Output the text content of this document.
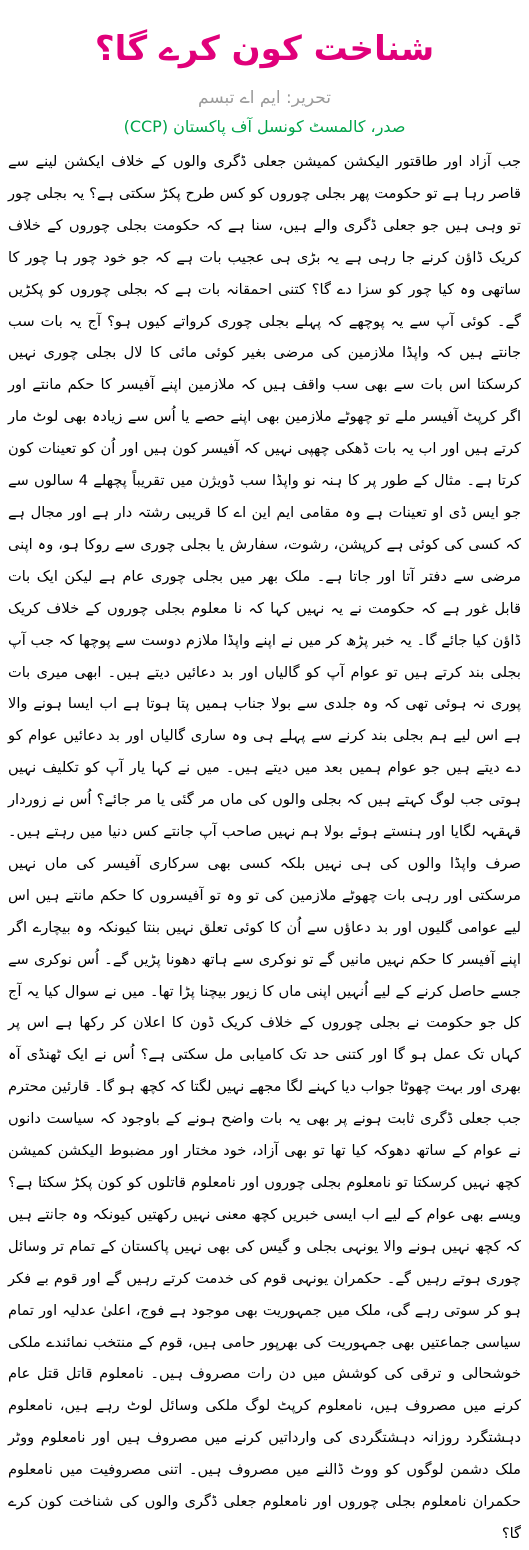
شناخت کون کرے گا؟
تحریر: ایم اے تبسم
صدر، کالمسٹ کونسل آف پاکستان (CCP)
جب آزاد اور طاقتور الیکشن کمیشن جعلی ڈگری والوں کے خلاف ایکشن لینے سے قاصر رہا ہے تو حکومت پھر بجلی چوروں کو کس طرح پکڑ سکتی ہے؟ یہ بجلی چور تو وہی ہیں جو جعلی ڈگری والے ہیں، سنا ہے کہ حکومت بجلی چوروں کے خلاف کریک ڈاؤن کرنے جا رہی ہے یہ بڑی ہی عجیب بات ہے کہ جو خود چور ہا چور کا ساتھی وہ کیا چور کو سزا دے گا؟ کتنی احمقانہ بات ہے کہ بجلی چوروں کو پکڑیں گے۔ کوئی آپ سے یہ پوچھے کہ پہلے بجلی چوری کرواتے کیوں ہو؟ آج یہ بات سب جانتے ہیں کہ واپڈا ملازمین کی مرضی بغیر کوئی مائی کا لال بجلی چوری نہیں کرسکتا اس بات سے بھی سب واقف ہیں کہ ملازمین اپنے آفیسر کا حکم مانتے اور اگر کرپٹ آفیسر ملے تو چھوٹے ملازمین بھی اپنے حصے یا اُس سے زیادہ بھی لوٹ مار کرتے ہیں اور اب یہ بات ڈھکی چھپی نہیں کہ آفیسر کون ہیں اور اُن کو تعینات کون کرتا ہے۔ مثال کے طور پر کا ہنہ نو واپڈا سب ڈویژن میں تقریباً پچھلے 4 سالوں سے جو ایس ڈی او تعینات ہے وہ مقامی ایم این اے کا قریبی رشتہ دار ہے اور مجال ہے کہ کسی کی کوئی ہے کرپشن، رشوت، سفارش یا بجلی چوری سے روکا ہو، وہ اپنی مرضی سے دفتر آتا اور جاتا ہے۔ ملک بھر میں بجلی چوری عام ہے لیکن ایک بات قابل غور ہے کہ حکومت نے یہ نہیں کہا کہ نا معلوم بجلی چوروں کے خلاف کریک ڈاؤن کیا جائے گا۔ یہ خبر پڑھ کر میں نے اپنے واپڈا ملازم دوست سے پوچھا کہ جب آپ بجلی بند کرتے ہیں تو عوام آپ کو گالیاں اور بد دعائیں دیتے ہیں۔ ابھی میری بات پوری نہ ہوئی تھی کہ وہ جلدی سے بولا جناب ہمیں پتا ہوتا ہے اب ایسا ہونے والا ہے اس لیے ہم بجلی بند کرنے سے پہلے ہی وہ ساری گالیاں اور بد دعائیں عوام کو دے دیتے ہیں جو عوام ہمیں بعد میں دیتے ہیں۔ میں نے کہا یار آپ کو تکلیف نہیں ہوتی جب لوگ کہتے ہیں کہ بجلی والوں کی ماں مر گئی یا مر جائے؟ اُس نے زوردار قہقہہ لگایا اور ہنستے ہوئے بولا ہم نہیں صاحب آپ جانتے کس دنیا میں رہتے ہیں۔ صرف واپڈا والوں کی ہی نہیں بلکہ کسی بھی سرکاری آفیسر کی ماں نہیں مرسکتی اور رہی بات چھوٹے ملازمین کی تو وہ تو آفیسروں کا حکم مانتے ہیں اس لیے عوامی گلیوں اور بد دعاؤں سے اُن کا کوئی تعلق نہیں بنتا کیونکہ وہ بیچارے اگر اپنے آفیسر کا حکم نہیں مانیں گے تو نوکری سے ہاتھ دھونا پڑیں گے۔ اُس نوکری سے جسے حاصل کرنے کے لیے اُنہیں اپنی ماں کا زیور بیچنا پڑا تھا۔ میں نے سوال کیا یہ آج کل جو حکومت نے بجلی چوروں کے خلاف کریک ڈون کا اعلان کر رکھا ہے اس پر کہاں تک عمل ہو گا اور کتنی حد تک کامیابی مل سکتی ہے؟ اُس نے ایک ٹھنڈی آہ بھری اور بہت چھوٹا جواب دیا کہنے لگا مجھے نہیں لگتا کہ کچھ ہو گا۔ قارئین محترم جب جعلی ڈگری ثابت ہونے پر بھی یہ بات واضح ہونے کے باوجود کہ سیاست دانوں نے عوام کے ساتھ دھوکہ کیا تھا تو بھی آزاد، خود مختار اور مضبوط الیکشن کمیشن کچھ نہیں کرسکتا تو نامعلوم بجلی چوروں اور نامعلوم قاتلوں کو کون پکڑ سکتا ہے؟ ویسے بھی عوام کے لیے اب ایسی خبریں کچھ معنی نہیں رکھتیں کیونکہ وہ جانتے ہیں کہ کچھ نہیں ہونے والا یونہی بجلی و گیس کی بھی نہیں پاکستان کے تمام تر وسائل چوری ہوتے رہیں گے۔ حکمران یونہی قوم کی خدمت کرتے رہیں گے اور قوم بے فکر ہو کر سوتی رہے گی، ملک میں جمہوریت بھی موجود ہے فوج، اعلیٰ عدلیہ اور تمام سیاسی جماعتیں بھی جمہوریت کی بھرپور حامی ہیں، قوم کے منتخب نمائندے ملکی خوشحالی و ترقی کی کوشش میں دن رات مصروف ہیں۔ نامعلوم قاتل قتل عام کرنے میں مصروف ہیں، نامعلوم کرپٹ لوگ ملکی وسائل لوٹ رہے ہیں، نامعلوم دہشتگرد روزانہ دہشتگردی کی وارداتیں کرنے میں مصروف ہیں اور نامعلوم ووٹر ملک دشمن لوگوں کو ووٹ ڈالنے میں مصروف ہیں۔ اتنی مصروفیت میں نامعلوم حکمران نامعلوم بجلی چوروں اور نامعلوم جعلی ڈگری والوں کی شناخت کون کرے گا؟
